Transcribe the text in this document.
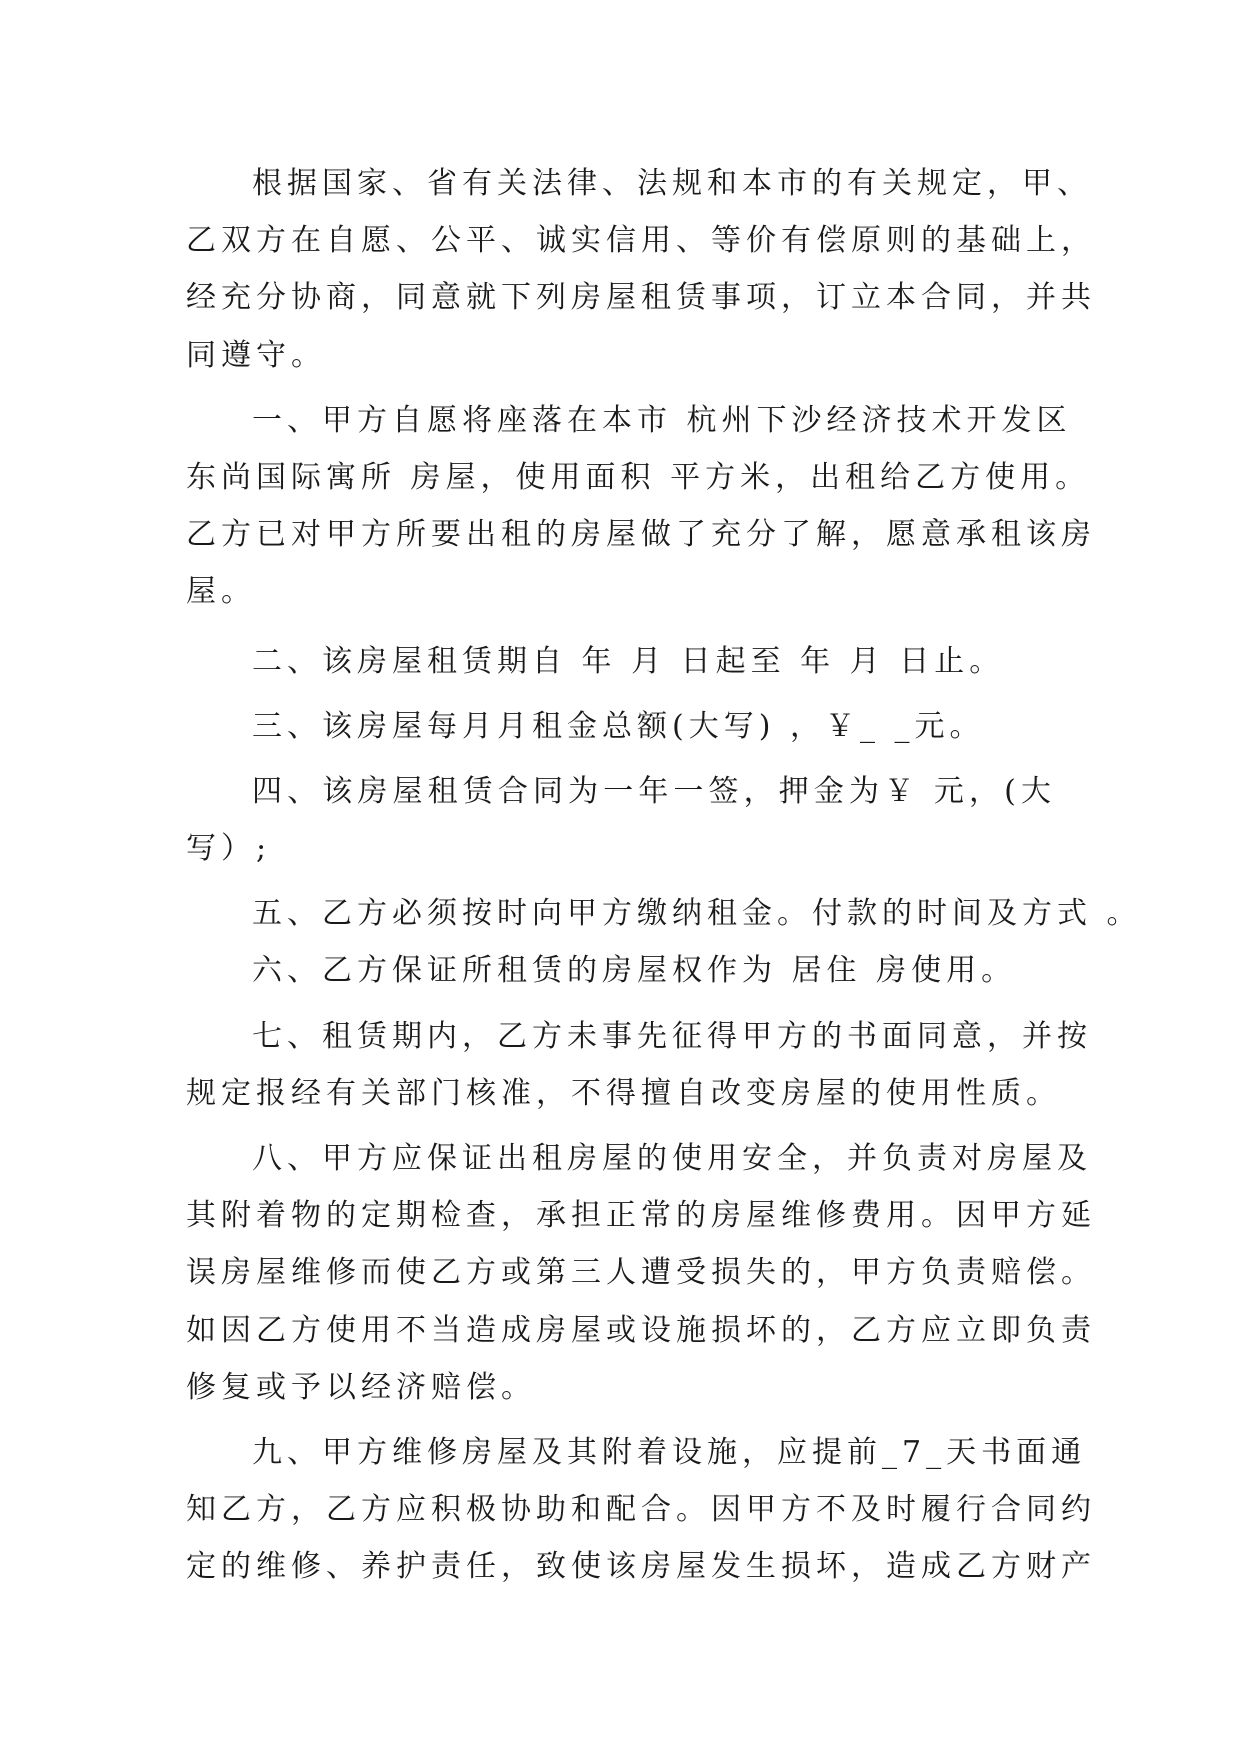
根据国家、省有关法律、法规和本市的有关规定，甲、
乙双方在自愿、公平、诚实信用、等价有偿原则的基础上，
经充分协商，同意就下列房屋租赁事项，订立本合同，并共
同遵守。
一、甲方自愿将座落在本市 杭州下沙经济技术开发区
东尚国际寓所 房屋，使用面积 平方米，出租给乙方使用。
乙方已对甲方所要出租的房屋做了充分了解，愿意承租该房
屋。
二、该房屋租赁期自 年 月 日起至 年 月 日止。
三、该房屋每月月租金总额(大写) ，￥_ _元。
四、该房屋租赁合同为一年一签，押金为￥ 元，(大
写）;
五、乙方必须按时向甲方缴纳租金。付款的时间及方式 。
六、乙方保证所租赁的房屋权作为 居住 房使用。
七、租赁期内，乙方未事先征得甲方的书面同意，并按
规定报经有关部门核准，不得擅自改变房屋的使用性质。
八、甲方应保证出租房屋的使用安全，并负责对房屋及
其附着物的定期检查，承担正常的房屋维修费用。因甲方延
误房屋维修而使乙方或第三人遭受损失的，甲方负责赔偿。
如因乙方使用不当造成房屋或设施损坏的，乙方应立即负责
修复或予以经济赔偿。
九、甲方维修房屋及其附着设施，应提前_7_天书面通
知乙方，乙方应积极协助和配合。因甲方不及时履行合同约
定的维修、养护责任，致使该房屋发生损坏，造成乙方财产
